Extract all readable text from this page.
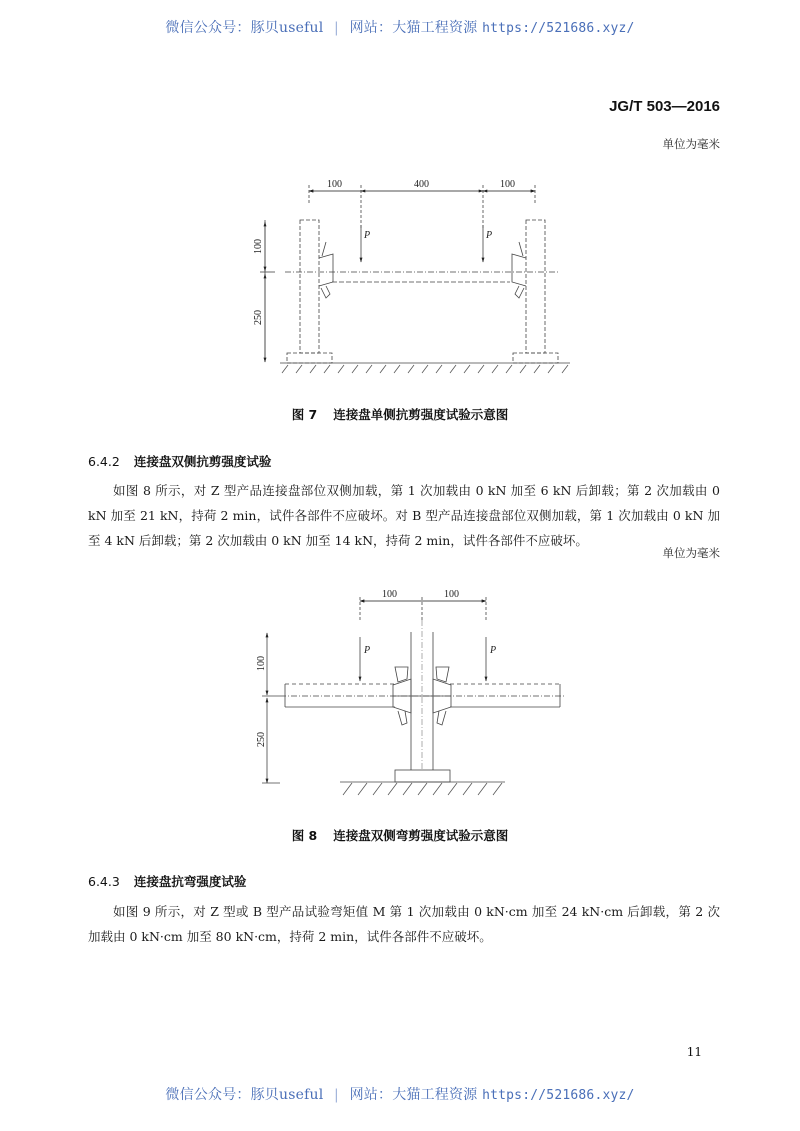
微信公众号：豚贝useful | 网站：大猫工程资源 https://521686.xyz/
JG/T 503—2016
单位为毫米
100	400	100
100
250
P	P
图 7 连接盘单侧抗剪强度试验示意图
6.4.2 连接盘双侧抗剪强度试验
如图 8 所示，对 Z 型产品连接盘部位双侧加载，第 1 次加载由 0 kN 加至 6 kN 后卸载；第 2 次加载由 0 kN 加至 21 kN，持荷 2 min，试件各部件不应破坏。对 B 型产品连接盘部位双侧加载，第 1 次加载由 0 kN 加至 4 kN 后卸载；第 2 次加载由 0 kN 加至 14 kN，持荷 2 min，试件各部件不应破坏。
单位为毫米
100	100
100
250
P	P
图 8 连接盘双侧弯剪强度试验示意图
6.4.3 连接盘抗弯强度试验
如图 9 所示，对 Z 型或 B 型产品试验弯矩值 M 第 1 次加载由 0 kN·cm 加至 24 kN·cm 后卸载，第 2 次加载由 0 kN·cm 加至 80 kN·cm，持荷 2 min，试件各部件不应破坏。
11
微信公众号：豚贝useful | 网站：大猫工程资源 https://521686.xyz/
